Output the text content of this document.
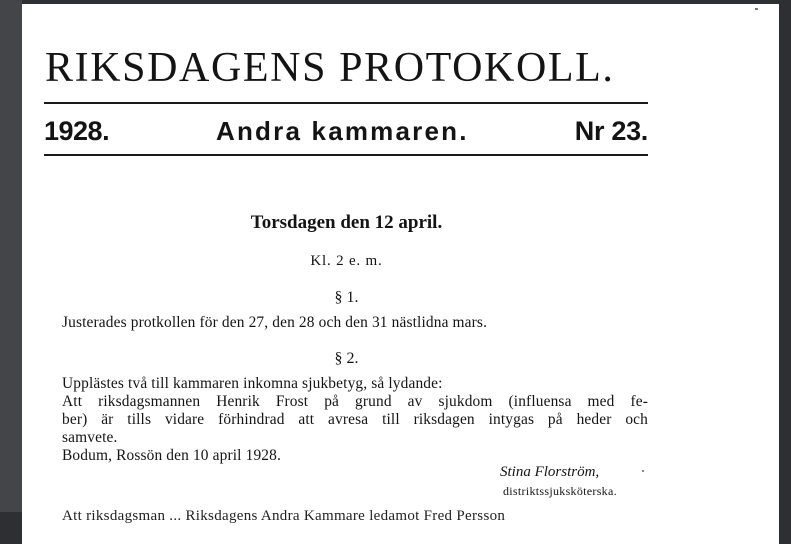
RIKSDAGENS PROTOKOLL.
1928.	Andra kammaren.	Nr 23.
Torsdagen den 12 april.
Kl. 2 e. m.
§ 1.
Justerades protkollen för den 27, den 28 och den 31 nästlidna mars.
§ 2.
Upplästes två till kammaren inkomna sjukbetyg, så lydande:
Att riksdagsmannen Henrik Frost på grund av sjukdom (influensa med fe-
ber) är tills vidare förhindrad att avresa till riksdagen intygas på heder och
samvete.
Bodum, Rossön den 10 april 1928.
Stina Florström,
distriktssjuksköterska.
Att riksdagsman ... Riksdagens Andra Kammare ledamot Fred Persson
